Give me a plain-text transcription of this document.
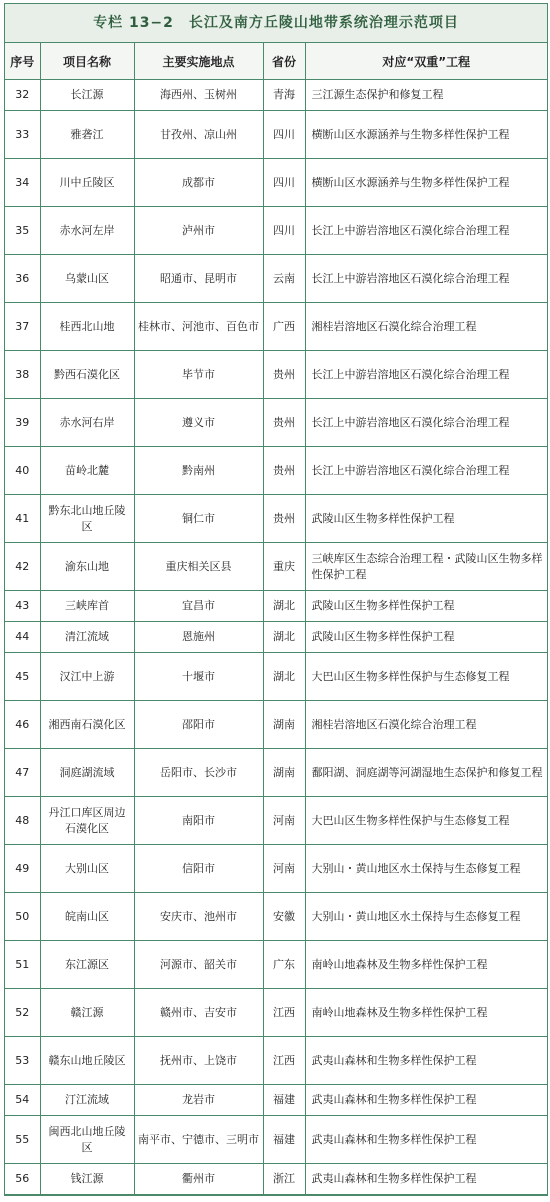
专栏 13−2　长江及南方丘陵山地带系统治理示范项目
序号	项目名称	主要实施地点	省份	对应“双重”工程
32	长江源	海西州、玉树州	青海	三江源生态保护和修复工程
33	雅砻江	甘孜州、凉山州	四川	横断山区水源涵养与生物多样性保护工程
34	川中丘陵区	成都市	四川	横断山区水源涵养与生物多样性保护工程
35	赤水河左岸	泸州市	四川	长江上中游岩溶地区石漠化综合治理工程
36	乌蒙山区	昭通市、昆明市	云南	长江上中游岩溶地区石漠化综合治理工程
37	桂西北山地	桂林市、河池市、百色市	广西	湘桂岩溶地区石漠化综合治理工程
38	黔西石漠化区	毕节市	贵州	长江上中游岩溶地区石漠化综合治理工程
39	赤水河右岸	遵义市	贵州	长江上中游岩溶地区石漠化综合治理工程
40	苗岭北麓	黔南州	贵州	长江上中游岩溶地区石漠化综合治理工程
41	黔东北山地丘陵区	铜仁市	贵州	武陵山区生物多样性保护工程
42	渝东山地	重庆相关区县	重庆	三峡库区生态综合治理工程・武陵山区生物多样性保护工程
43	三峡库首	宜昌市	湖北	武陵山区生物多样性保护工程
44	清江流域	恩施州	湖北	武陵山区生物多样性保护工程
45	汉江中上游	十堰市	湖北	大巴山区生物多样性保护与生态修复工程
46	湘西南石漠化区	邵阳市	湖南	湘桂岩溶地区石漠化综合治理工程
47	洞庭湖流域	岳阳市、长沙市	湖南	鄱阳湖、洞庭湖等河湖湿地生态保护和修复工程
48	丹江口库区周边石漠化区	南阳市	河南	大巴山区生物多样性保护与生态修复工程
49	大别山区	信阳市	河南	大别山・黄山地区水土保持与生态修复工程
50	皖南山区	安庆市、池州市	安徽	大别山・黄山地区水土保持与生态修复工程
51	东江源区	河源市、韶关市	广东	南岭山地森林及生物多样性保护工程
52	赣江源	赣州市、吉安市	江西	南岭山地森林及生物多样性保护工程
53	赣东山地丘陵区	抚州市、上饶市	江西	武夷山森林和生物多样性保护工程
54	汀江流域	龙岩市	福建	武夷山森林和生物多样性保护工程
55	闽西北山地丘陵区	南平市、宁德市、三明市	福建	武夷山森林和生物多样性保护工程
56	钱江源	衢州市	浙江	武夷山森林和生物多样性保护工程
